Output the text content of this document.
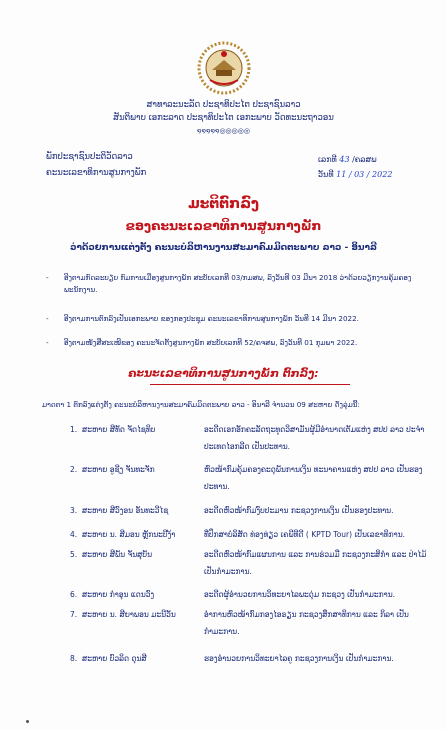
ສາທາລະນະລັດ ປະຊາທິປະໄຕ ປະຊາຊົນລາວ
ສັນຕິພາບ ເອກະລາດ ປະຊາທິປະໄຕ ເອກະພາບ ວັດທະນະຖາວອນ
໑໑໑໑໑◎◎◎◎◎
ພັກປະຊາຊົນປະຕິວັດລາວ
ຄະນະເລຂາທິການສູນກາງພັກ
ເລກທີ 43 /ຄລສພ
ວັນທີ 11 / 03 / 2022
ມະຕິຕົກລົງ
ຂອງຄະນະເລຂາທິການສູນກາງພັກ
ວ່າດ້ວຍການແຕ່ງຕັ້ງ ຄະນະບໍລິຫານງານສະມາຄົມມິດຕະພາບ ລາວ - ອິນາລີ
- ອີງຕາມກົດລະບຽບ ກົມການເມືອງສູນກາງພັກ ສະບັບເລກທີ 03/ກມສພ, ລົງວັນທີ 03 ມີນາ 2018 ວ່າດ້ວຍວຽກງານຄຸ້ມຄອງພະນັກງານ.
- ອີງຕາມການຕົກລົງເປັນເອກະພາບ ຂອງກອງປະຊຸມ ຄະນະເລຂາທິການສູນກາງພັກ ວັນທີ 14 ມີນາ 2022.
- ອີງຕາມໜັງສືສະເໜີຂອງ ຄະນະຈັດຕັ້ງສູນກາງພັກ ສະບັບເລກທີ 52/ຄຈສພ, ລົງວັນທີ 01 ກຸມພາ 2022.
ຄະນະເລຂາທິການສູນກາງພັກ ຕົກລົງ:
ມາດຕາ 1 ຕົກລົງແຕ່ງຕັ້ງ ຄະນະບໍລິຫານງານສະມາຄົມມິດຕະພາບ ລາວ - ອິນາລີ ຈຳນວນ 09 ສະຫາຍ ດັ່ງລຸ່ມນີ້:
1. ສະຫາຍ ສີທັດ ຈັດໄຊທິບ	ອະດີດເອກອັກຄະລັດຖະທູດວິສາມັນຜູ້ມີອຳນາດເຕັມແຫ່ງ ສປປ ລາວ ປະຈຳ ປະເທດໄອກລີດ ເປັນປະທານ.
2. ສະຫາຍ ອູຊີງ ຈັນທະຈັກ	ຫົວໜ້າກົມຄຸ້ມຄອງຄະດຸພັນການເງິນ ທະນາຄານແຫ່ງ ສປປ ລາວ ເປັນຮອງປະທານ.
3. ສະຫາຍ ສີວົງອນ ອັນທະວີໄຊ	ອະດີດຫົວໜ້າກົມງົບປະມານ ກະຊວງການເງິນ ເປັນຮອງປະທານ.
4. ສະຫາຍ ນ. ສີມອນ ຫຼັກນະບີງ້າ	ທີ່ປຶກສາບໍລິສັດ ທ່ອງທ່ຽວ ເຄພີທີດີ ( KPTD Tour) ເປັນເລຂາທິການ.
5. ສະຫາຍ ສີພັນ ຈັນສຸບັນ	ອະດີດຫົວໜ້າກົມແຜນການ ແລະ ການຮ່ວມມື ກະຊວງກະສິກຳ ແລະ ປ່າໄມ້ ເປັນກຳມະການ.
6. ສະຫາຍ ກຳອຸນ ແດນວົງ	ອະດີດຜູ້ອຳນວຍການວິທະຍາໄລພະດຸ່ມ ກະຊວງ ເປັນກຳມະການ.
7. ສະຫາຍ ນ. ສີຍາພອນ ມະນີວັນ	ອຳການຫົວໜ້າກົມກອງໄອຣຽນ ກະຊວງສຶກສາທິການ ແລະ ກິລາ ເປັນກຳມະການ.
8. ສະຫາຍ ບົວລິດ ດຸນສີ	ຮອງອຳນວຍການວິທະຍາໄລຄູ ກະຊວງການເງິນ ເປັນກຳມະການ.
